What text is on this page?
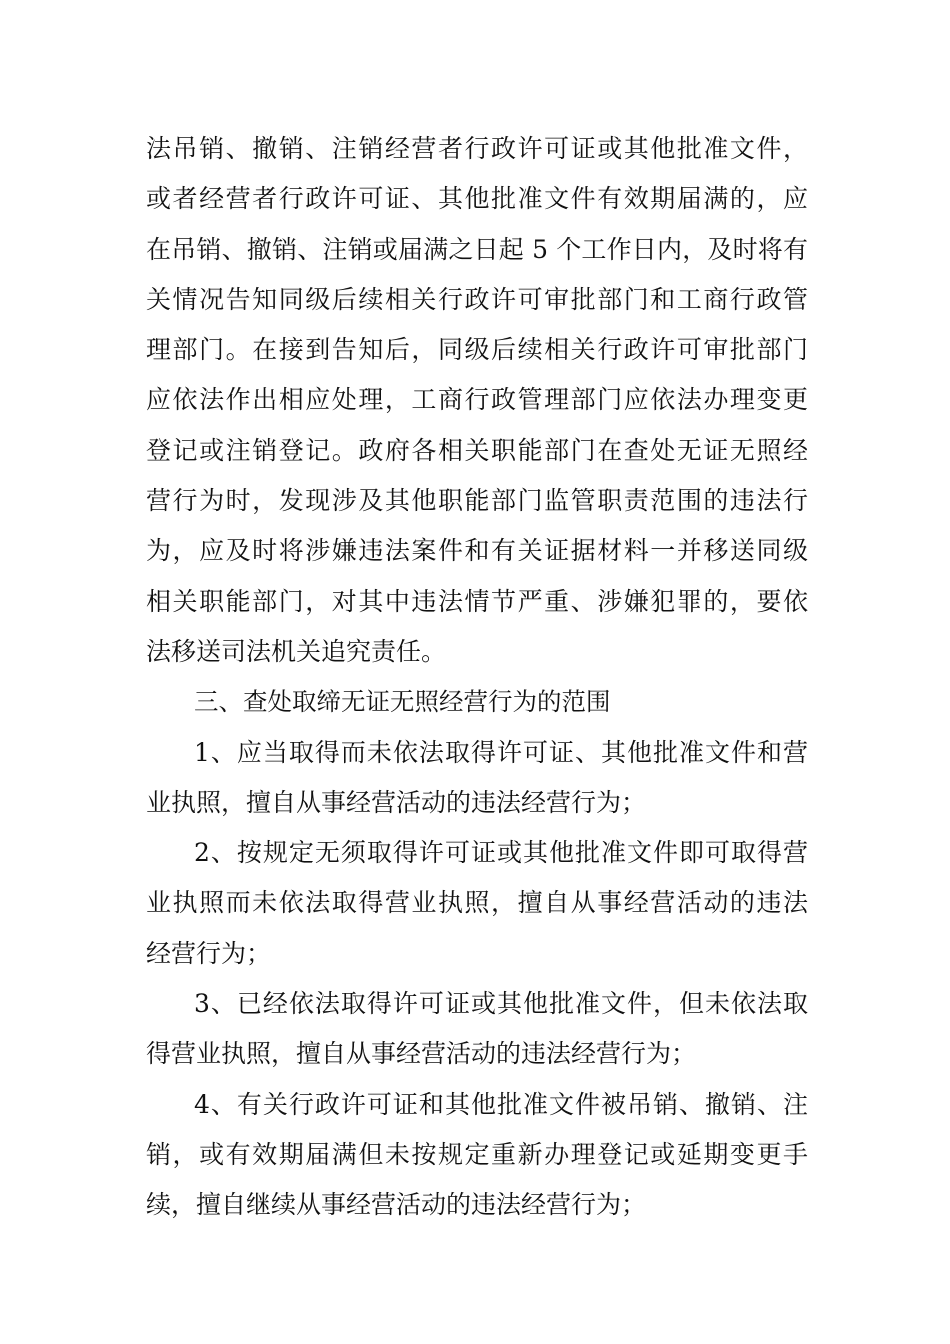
法吊销、撤销、注销经营者行政许可证或其他批准文件，
或者经营者行政许可证、其他批准文件有效期届满的，应
在吊销、撤销、注销或届满之日起 5 个工作日内，及时将有
关情况告知同级后续相关行政许可审批部门和工商行政管
理部门。在接到告知后，同级后续相关行政许可审批部门
应依法作出相应处理，工商行政管理部门应依法办理变更
登记或注销登记。政府各相关职能部门在查处无证无照经
营行为时，发现涉及其他职能部门监管职责范围的违法行
为，应及时将涉嫌违法案件和有关证据材料一并移送同级
相关职能部门，对其中违法情节严重、涉嫌犯罪的，要依
法移送司法机关追究责任。
三、查处取缔无证无照经营行为的范围
1、应当取得而未依法取得许可证、其他批准文件和营
业执照，擅自从事经营活动的违法经营行为；
2、按规定无须取得许可证或其他批准文件即可取得营
业执照而未依法取得营业执照，擅自从事经营活动的违法
经营行为；
3、已经依法取得许可证或其他批准文件，但未依法取
得营业执照，擅自从事经营活动的违法经营行为；
4、有关行政许可证和其他批准文件被吊销、撤销、注
销，或有效期届满但未按规定重新办理登记或延期变更手
续，擅自继续从事经营活动的违法经营行为；
